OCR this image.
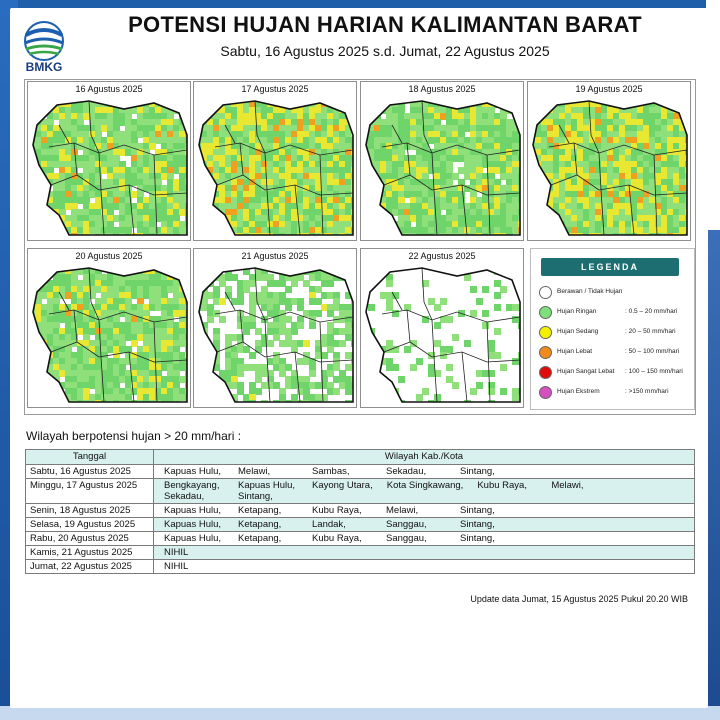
BMKG
POTENSI HUJAN HARIAN KALIMANTAN BARAT
Sabtu, 16 Agustus 2025 s.d. Jumat, 22 Agustus 2025
16 Agustus 2025	17 Agustus 2025	18 Agustus 2025	19 Agustus 2025
20 Agustus 2025	21 Agustus 2025	22 Agustus 2025
LEGENDA
Berawan / Tidak Hujan
Hujan Ringan	: 0.5 – 20 mm/hari
Hujan Sedang	: 20 – 50 mm/hari
Hujan Lebat	: 50 – 100 mm/hari
Hujan Sangat Lebat : 100 – 150 mm/hari
Hujan Ekstrem	: >150 mm/hari
Wilayah berpotensi hujan > 20 mm/hari :
Tanggal	Wilayah Kab./Kota
Sabtu, 16 Agustus 2025	Kapuas Hulu, Melawi, Sambas, Sekadau, Sintang,
Minggu, 17 Agustus 2025	Bengkayang, Kapuas Hulu, Kayong Utara, Kota Singkawang, Kubu Raya, Melawi,Sekadau, Sintang,
Senin, 18 Agustus 2025	Kapuas Hulu, Ketapang, Kubu Raya, Melawi, Sintang,
Selasa, 19 Agustus 2025	Kapuas Hulu, Ketapang, Landak, Sanggau, Sintang,
Rabu, 20 Agustus 2025	Kapuas Hulu, Ketapang, Kubu Raya, Sanggau, Sintang,
Kamis, 21 Agustus 2025	NIHIL
Jumat, 22 Agustus 2025	NIHIL
Update data Jumat, 15 Agustus 2025 Pukul 20.20 WIB
